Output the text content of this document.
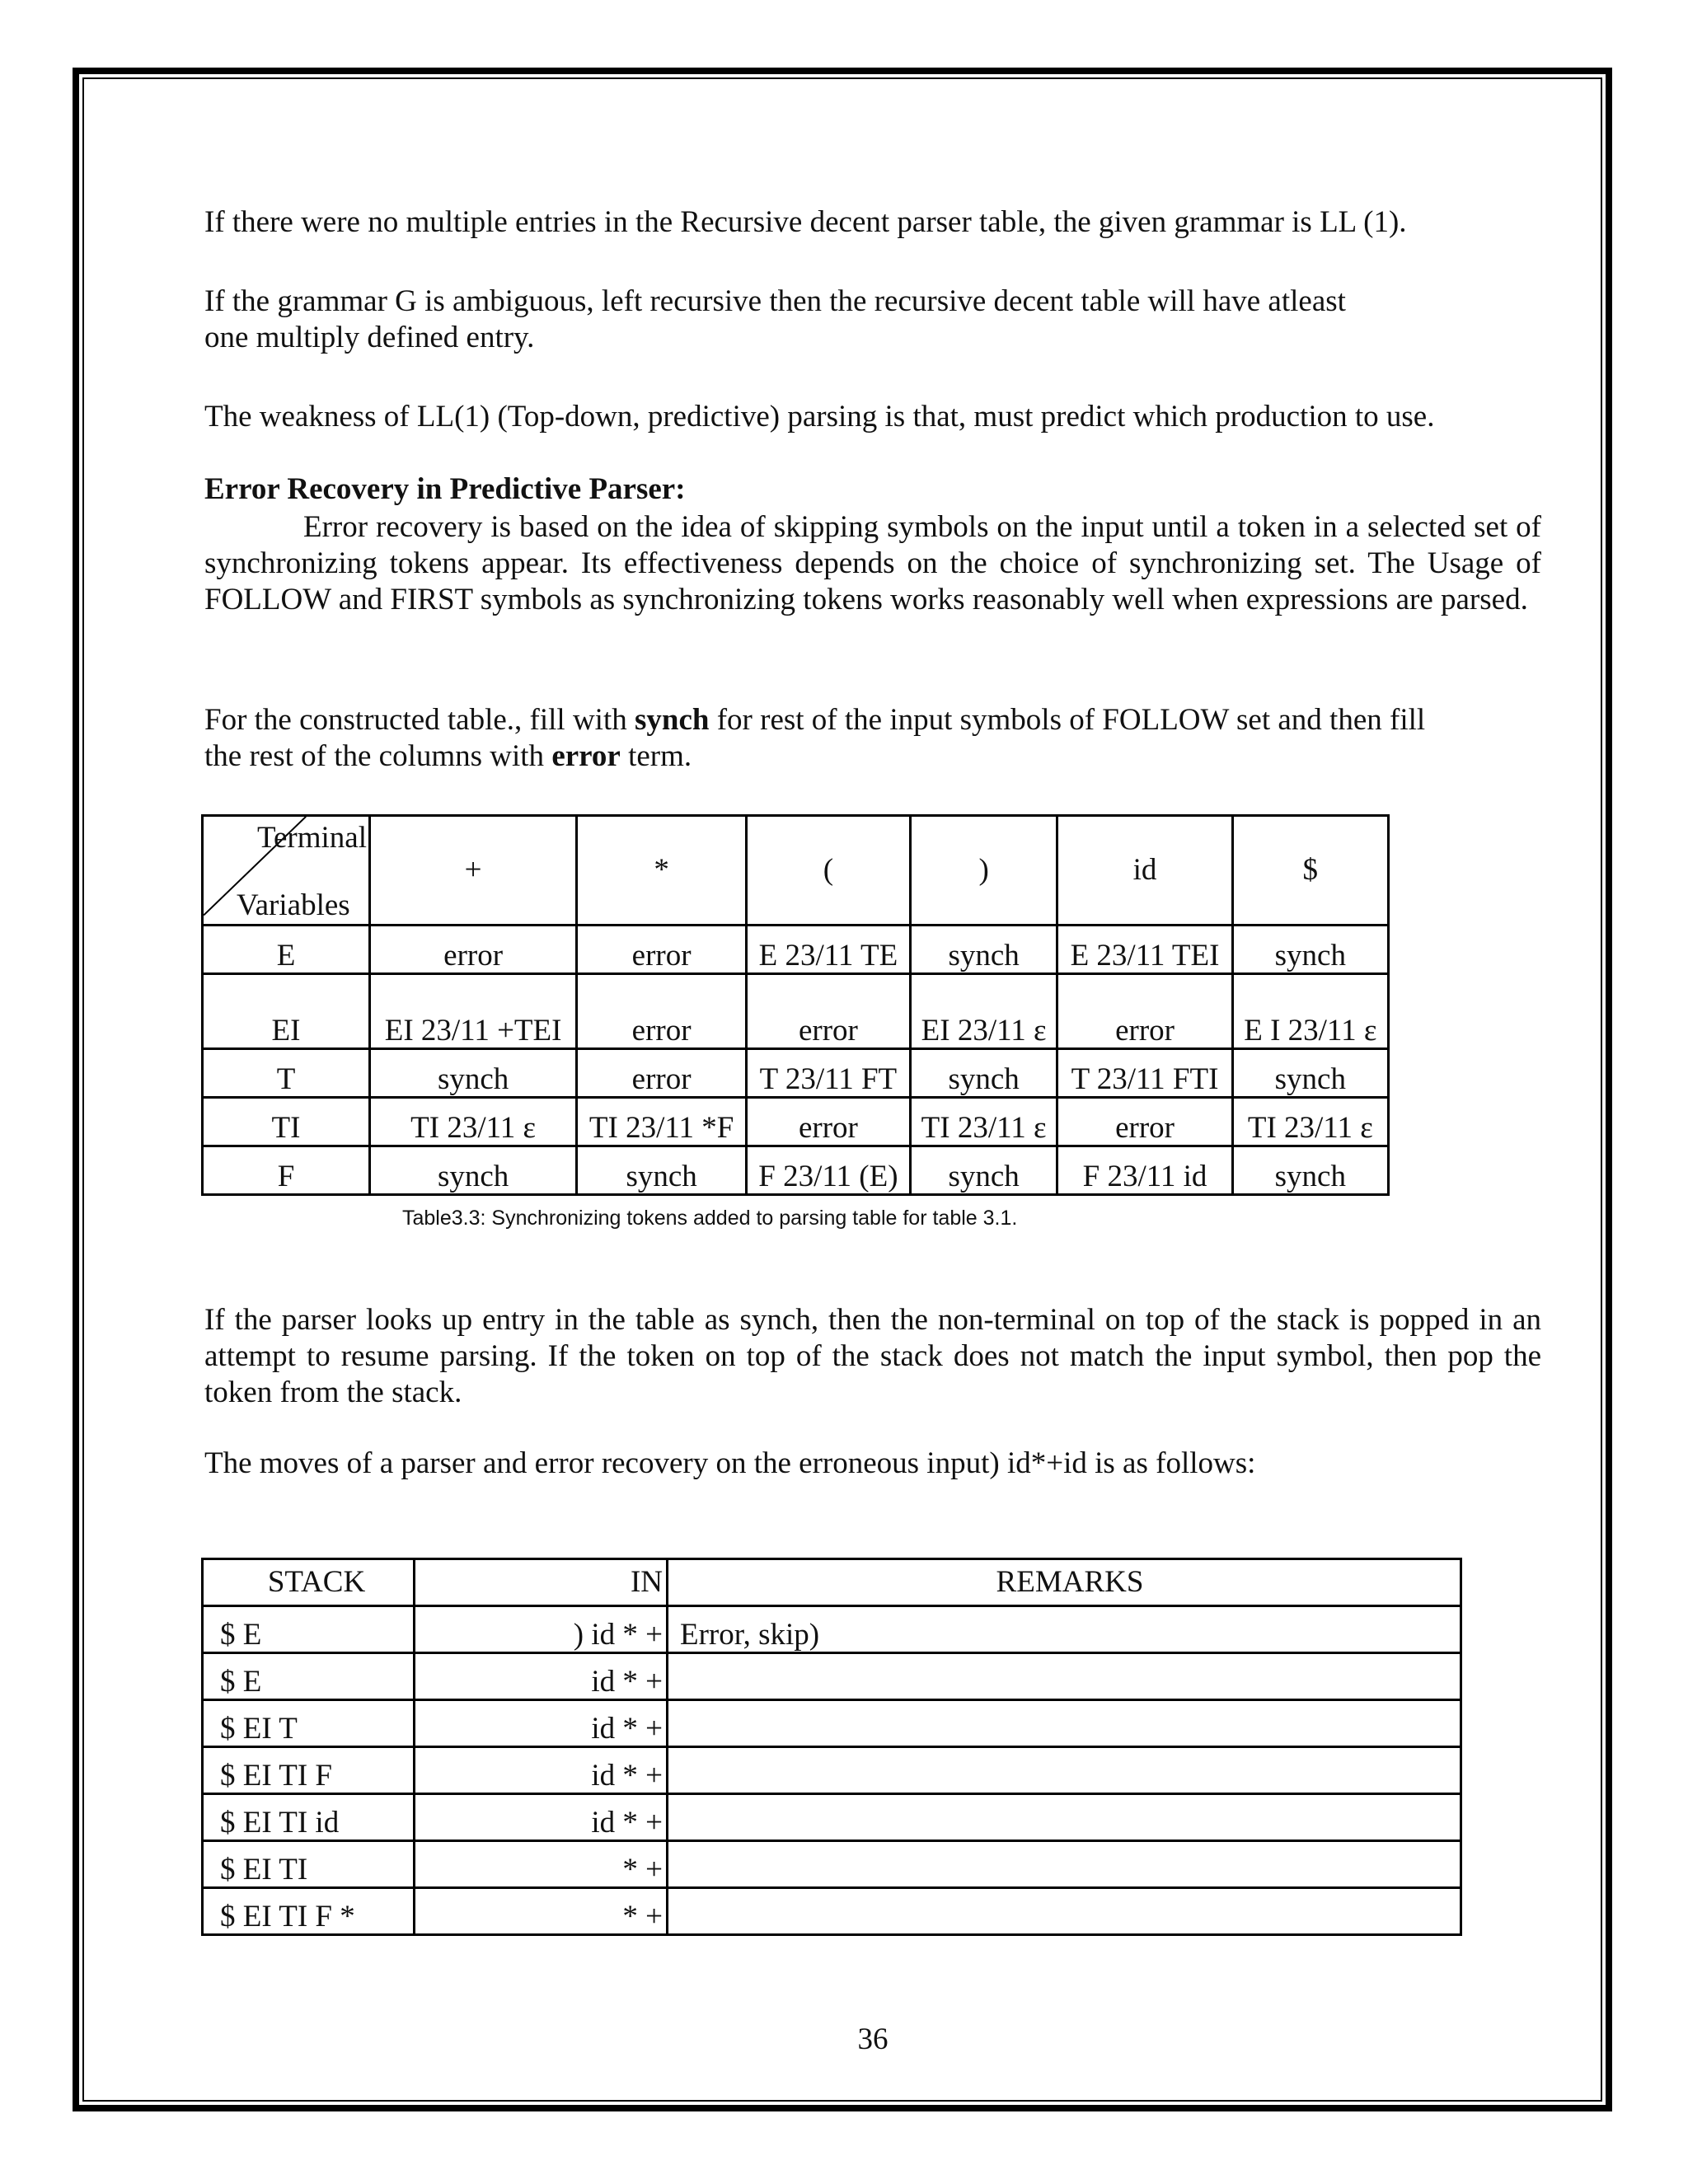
If there were no multiple entries in the Recursive decent parser table, the given grammar is LL (1).

If the grammar G is ambiguous, left recursive then the recursive decent table will have atleast
one multiply defined entry.

The weakness of LL(1) (Top-down, predictive) parsing is that, must predict which production to use.

Error Recovery in Predictive Parser:

Error recovery is based on the idea of skipping symbols on the input until a token in a selected set of synchronizing tokens appear. Its effectiveness depends on the choice of synchronizing set. The Usage of FOLLOW and FIRST symbols as synchronizing tokens works reasonably well when expressions are parsed.

For the constructed table., fill with synch for rest of the input symbols of FOLLOW set and then fill
the rest of the columns with error term.

Table3.3: Synchronizing tokens added to parsing table for table 3.1.

If the parser looks up entry in the table as synch, then the non-terminal on top of the stack is popped in an attempt to resume parsing. If the token on top of the stack does not match the input symbol, then pop the token from the stack.

The moves of a parser and error recovery on the erroneous input) id*+id is as follows:

36

Terminal
Variables	+	*	(	)	id	$
E	error	error	E 23/11 TE	synch	E 23/11 TEI	synch
EI	EI 23/11 +TEI	error	error	EI 23/11 ε	error	E I 23/11 ε
T	synch	error	T 23/11 FT	synch	T 23/11 FTI	synch
TI	TI 23/11 ε	TI 23/11 *F	error	TI 23/11 ε	error	TI 23/11 ε
F	synch	synch	F 23/11 (E)	synch	F 23/11 id	synch
STACK	IN	REMARKS
$ E	) id * +	Error, skip)
$ E	id * +	
$ EI T	id * +	
$ EI TI F	id * +	
$ EI TI id	id * +	
$ EI TI	* +	
$ EI TI F *	* +	
